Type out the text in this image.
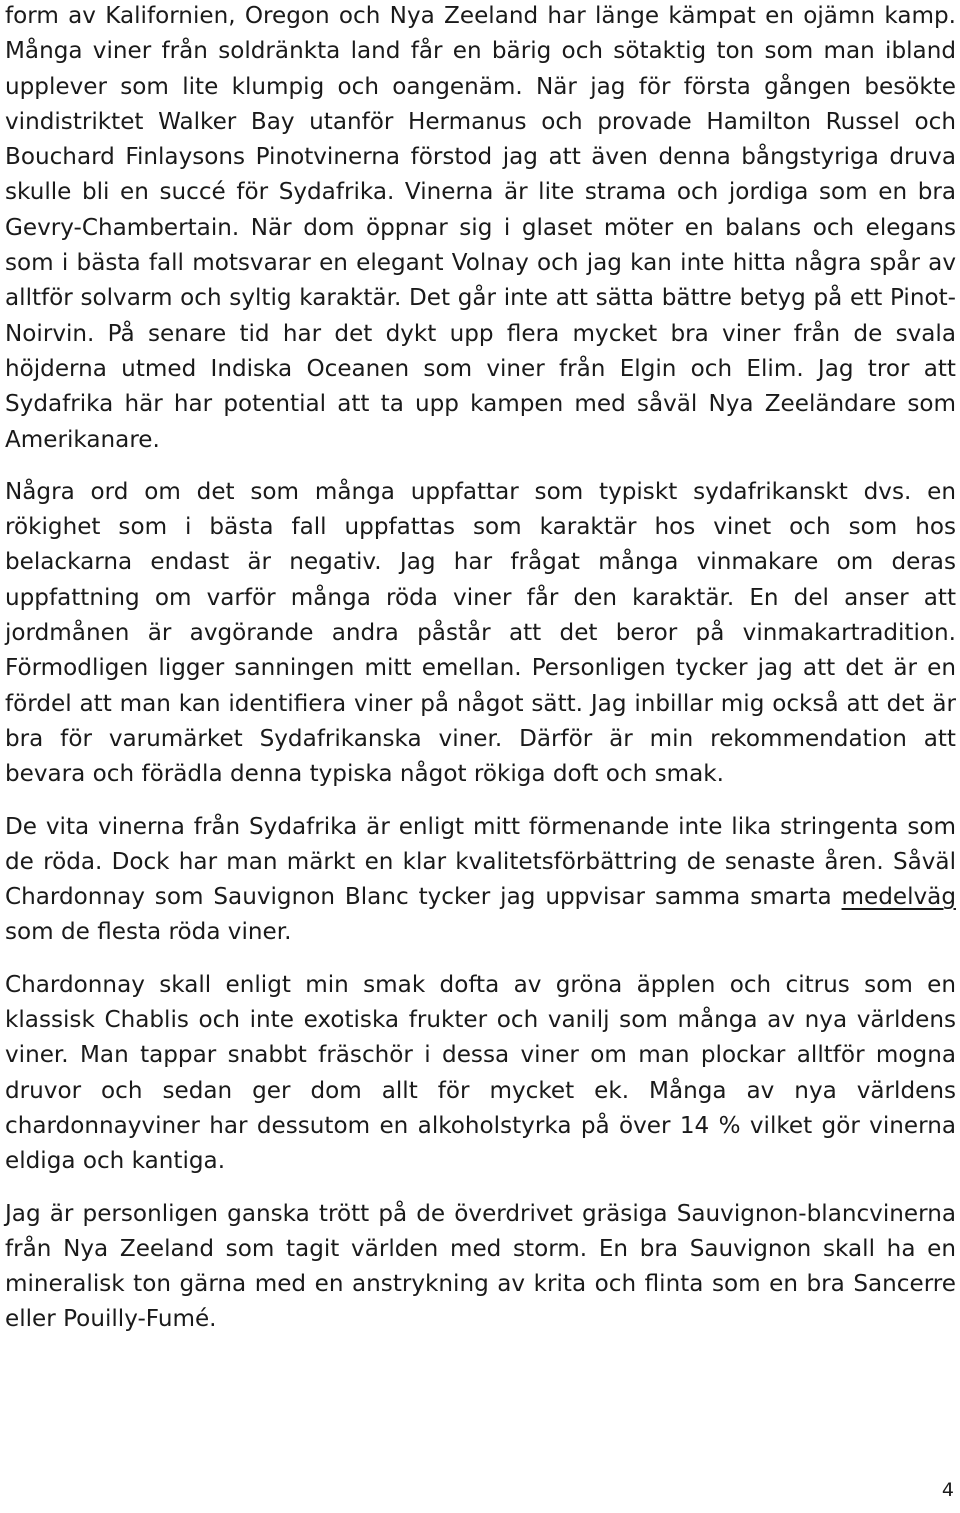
form av Kalifornien, Oregon och Nya Zeeland har länge kämpat en ojämn kamp. Många viner från soldränkta land får en bärig och sötaktig ton som man ibland upplever som lite klumpig och oangenäm. När jag för första gången besökte vindistriktet Walker Bay utanför Hermanus och provade Hamilton Russel och Bouchard Finlaysons Pinotvinerna förstod jag att även denna bångstyriga druva skulle bli en succé för Sydafrika. Vinerna är lite strama och jordiga som en bra Gevry-Chambertain. När dom öppnar sig i glaset möter en balans och elegans som i bästa fall motsvarar en elegant Volnay och jag kan inte hitta några spår av alltför solvarm och syltig karaktär. Det går inte att sätta bättre betyg på ett Pinot-Noirvin. På senare tid har det dykt upp flera mycket bra viner från de svala höjderna utmed Indiska Oceanen som viner från Elgin och Elim. Jag tror att Sydafrika här har potential att ta upp kampen med såväl Nya Zeeländare som Amerikanare.

Några ord om det som många uppfattar som typiskt sydafrikanskt dvs. en rökighet som i bästa fall uppfattas som karaktär hos vinet och som hos belackarna endast är negativ. Jag har frågat många vinmakare om deras uppfattning om varför många röda viner får den karaktär. En del anser att jordmånen är avgörande andra påstår att det beror på vinmakartradition. Förmodligen ligger sanningen mitt emellan. Personligen tycker jag att det är en fördel att man kan identifiera viner på något sätt. Jag inbillar mig också att det är bra för varumärket Sydafrikanska viner. Därför är min rekommendation att bevara och förädla denna typiska något rökiga doft och smak.

De vita vinerna från Sydafrika är enligt mitt förmenande inte lika stringenta som de röda. Dock har man märkt en klar kvalitetsförbättring de senaste åren. Såväl Chardonnay som Sauvignon Blanc tycker jag uppvisar samma smarta medelväg som de flesta röda viner.

Chardonnay skall enligt min smak dofta av gröna äpplen och citrus som en klassisk Chablis och inte exotiska frukter och vanilj som många av nya världens viner. Man tappar snabbt fräschör i dessa viner om man plockar alltför mogna druvor och sedan ger dom allt för mycket ek. Många av nya världens chardonnayviner har dessutom en alkoholstyrka på över 14 % vilket gör vinerna eldiga och kantiga.

Jag är personligen ganska trött på de överdrivet gräsiga Sauvignon-blancvinerna från Nya Zeeland som tagit världen med storm. En bra Sauvignon skall ha en mineralisk ton gärna med en anstrykning av krita och flinta som en bra Sancerre eller Pouilly-Fumé.

4
